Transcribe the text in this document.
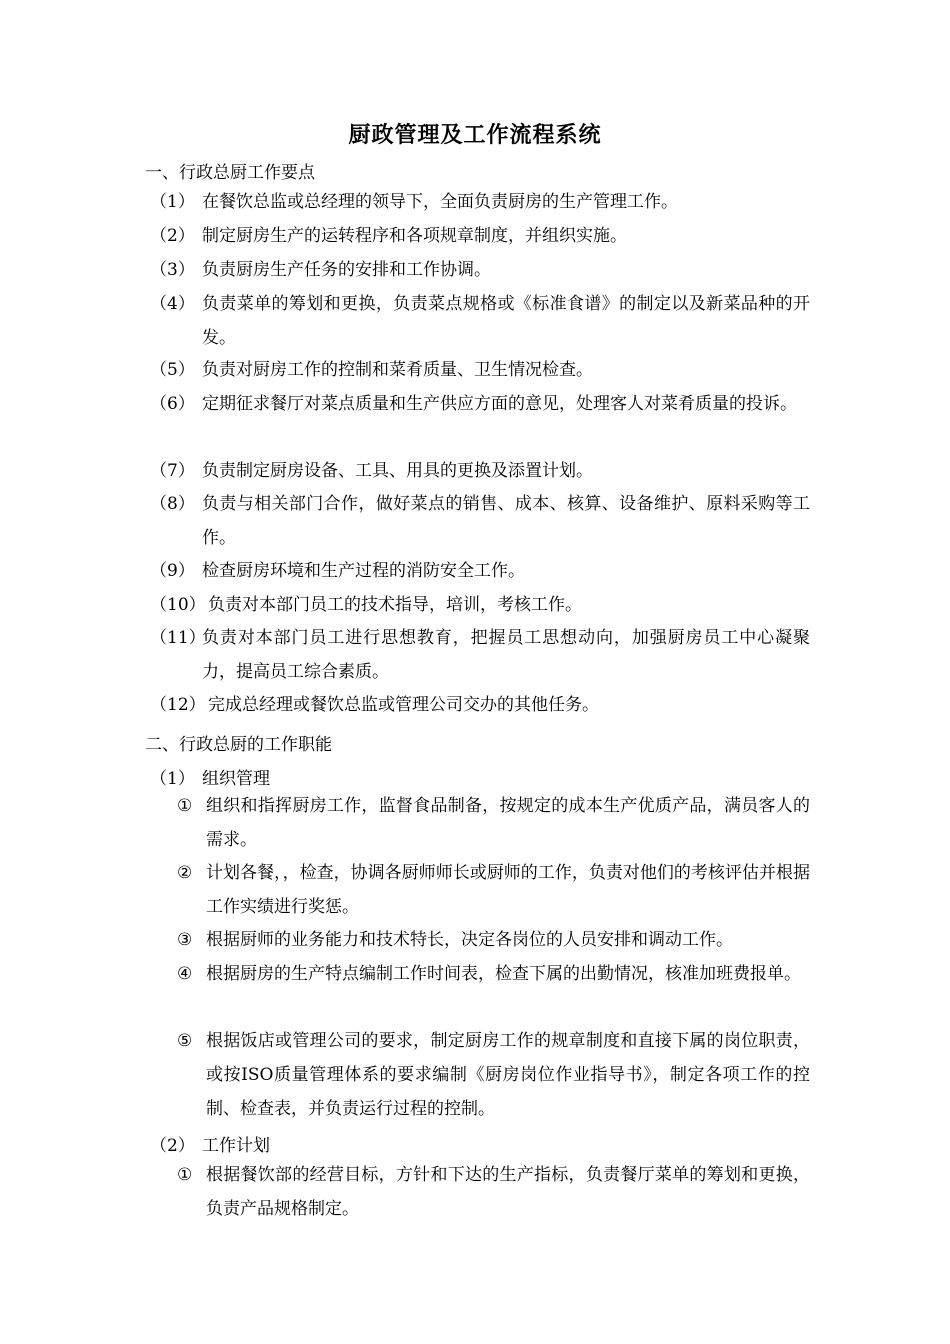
厨政管理及工作流程系统
一、行政总厨工作要点
（1） 在餐饮总监或总经理的领导下，全面负责厨房的生产管理工作。
（2） 制定厨房生产的运转程序和各项规章制度，并组织实施。
（3） 负责厨房生产任务的安排和工作协调。
（4） 负责菜单的筹划和更换，负责菜点规格或《标准食谱》的制定以及新菜品种的开发。
（5） 负责对厨房工作的控制和菜肴质量、卫生情况检查。
（6） 定期征求餐厅对菜点质量和生产供应方面的意见，处理客人对菜肴质量的投诉。
（7） 负责制定厨房设备、工具、用具的更换及添置计划。
（8） 负责与相关部门合作，做好菜点的销售、成本、核算、设备维护、原料采购等工作。
（9） 检查厨房环境和生产过程的消防安全工作。
（10） 负责对本部门员工的技术指导，培训，考核工作。
（11）
负责对本部门员工进行思想教育，把握员工思想动向，加强厨房员工中心凝聚力，提高员工综合素质。
（12） 完成总经理或餐饮总监或管理公司交办的其他任务。
二、行政总厨的工作职能
（1） 组织管理
① 组织和指挥厨房工作，监督食品制备，按规定的成本生产优质产品，满员客人的需求。
② 计划各餐，，检查，协调各厨师师长或厨师的工作，负责对他们的考核评估并根据工作实绩进行奖惩。
③ 根据厨师的业务能力和技术特长，决定各岗位的人员安排和调动工作。
④ 根据厨房的生产特点编制工作时间表，检查下属的出勤情况，核准加班费报单。
⑤ 根据饭店或管理公司的要求，制定厨房工作的规章制度和直接下属的岗位职责，或按ISO质量管理体系的要求编制《厨房岗位作业指导书》，制定各项工作的控制、检查表，并负责运行过程的控制。
（2） 工作计划
① 根据餐饮部的经营目标，方针和下达的生产指标，负责餐厅菜单的筹划和更换，负责产品规格制定。
